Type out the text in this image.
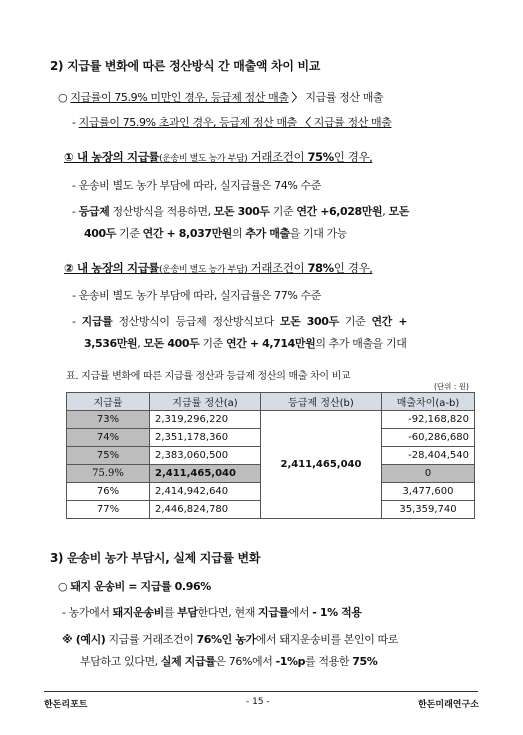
2) 지급률 변화에 따른 정산방식 간 매출액 차이 비교
○ 지급률이 75.9% 미만인 경우, 등급제 정산 매출 〉 지급률 정산 매출
- 지급률이 75.9% 초과인 경우, 등급제 정산 매출 〈 지급률 정산 매출
① 내 농장의 지급률(운송비 별도 농가 부담) 거래조건이 75%인 경우,
- 운송비 별도 농가 부담에 따라, 실지급률은 74% 수준
- 등급제 정산방식을 적용하면, 모돈 300두 기준 연간 +6,028만원, 모돈
400두 기준 연간 + 8,037만원의 추가 매출을 기대 가능
② 내 농장의 지급률(운송비 별도 농가 부담) 거래조건이 78%인 경우,
- 운송비 별도 농가 부담에 따라, 실지급률은 77% 수준
- 지급률 정산방식이 등급제 정산방식보다 모돈 300두 기준 연간 +
3,536만원, 모돈 400두 기준 연간 + 4,714만원의 추가 매출을 기대
표. 지급률 변화에 따른 지급률 정산과 등급제 정산의 매출 차이 비교
(단위 : 원)
지급률	지급률 정산(a)	등급제 정산(b)	매출차이(a-b)
73%	2,319,296,220	2,411,465,040	-92,168,820
74%	2,351,178,360		-60,286,680
75%	2,383,060,500		-28,404,540
75.9%	2,411,465,040		0
76%	2,414,942,640		3,477,600
77%	2,446,824,780		35,359,740
3) 운송비 농가 부담시, 실제 지급률 변화
○ 돼지 운송비 = 지급률 0.96%
- 농가에서 돼지운송비를 부담한다면, 현재 지급률에서 - 1% 적용
※ (예시) 지급률 거래조건이 76%인 농가에서 돼지운송비를 본인이 따로
부담하고 있다면, 실제 지급률은 76%에서 -1%p를 적용한 75%
한돈리포트	- 15 -	한돈미래연구소
